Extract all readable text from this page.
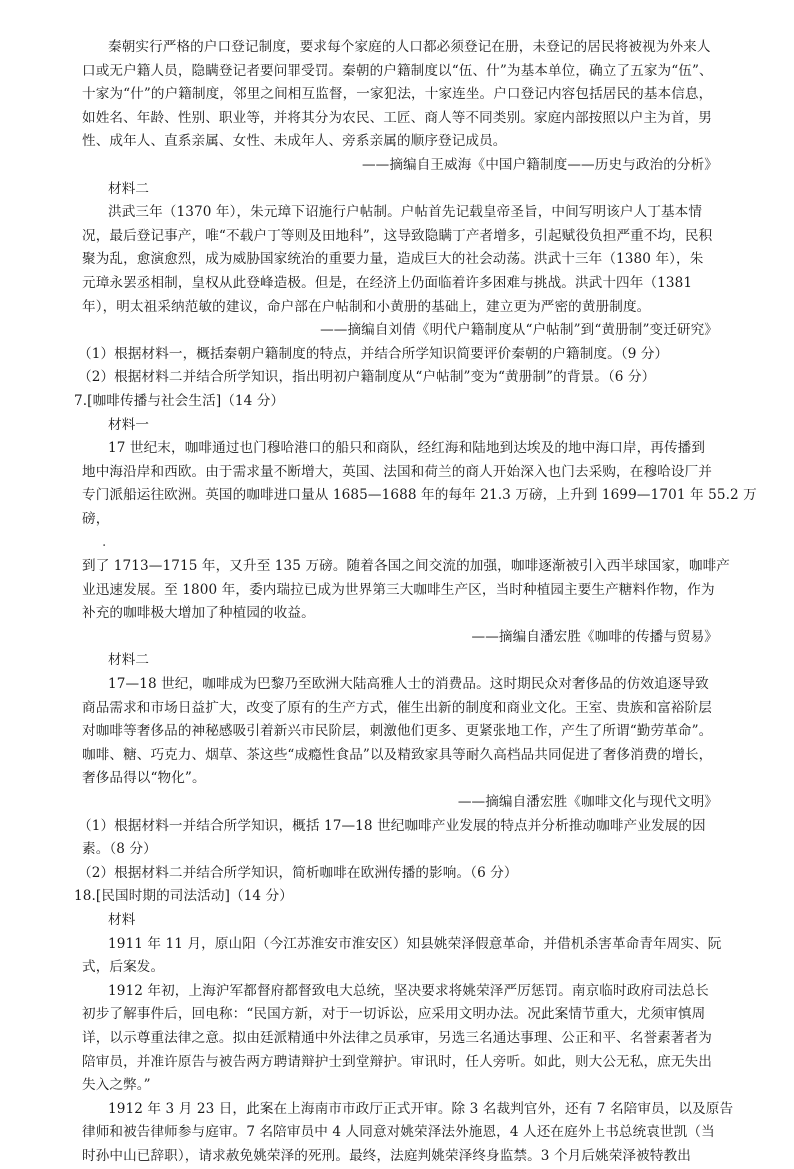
秦朝实行严格的户口登记制度，要求每个家庭的人口都必须登记在册，未登记的居民将被视为外来人
口或无户籍人员，隐瞒登记者要问罪受罚。秦朝的户籍制度以“伍、什”为基本单位，确立了五家为“伍”、
十家为“什”的户籍制度，邻里之间相互监督，一家犯法，十家连坐。户口登记内容包括居民的基本信息，
如姓名、年龄、性别、职业等，并将其分为农民、工匠、商人等不同类别。家庭内部按照以户主为首，男
性、成年人、直系亲属、女性、未成年人、旁系亲属的顺序登记成员。
——摘编自王威海《中国户籍制度——历史与政治的分析》
材料二
洪武三年（1370 年），朱元璋下诏施行户帖制。户帖首先记载皇帝圣旨，中间写明该户人丁基本情
况，最后登记事产，唯“不载户丁等则及田地科”，这导致隐瞒丁产者增多，引起赋役负担严重不均，民积
聚为乱，愈演愈烈，成为威胁国家统治的重要力量，造成巨大的社会动荡。洪武十三年（1380 年），朱
元璋永罢丞相制，皇权从此登峰造极。但是，在经济上仍面临着许多困难与挑战。洪武十四年（1381
年），明太祖采纳范敏的建议，命户部在户帖制和小黄册的基础上，建立更为严密的黄册制度。
——摘编自刘倩《明代户籍制度从“户帖制”到“黄册制”变迁研究》
（1）根据材料一，概括秦朝户籍制度的特点，并结合所学知识简要评价秦朝的户籍制度。（9 分）
（2）根据材料二并结合所学知识，指出明初户籍制度从“户帖制”变为“黄册制”的背景。（6 分）
7.[咖啡传播与社会生活]（14 分）
材料一
17 世纪末，咖啡通过也门穆哈港口的船只和商队，经红海和陆地到达埃及的地中海口岸，再传播到
地中海沿岸和西欧。由于需求量不断增大，英国、法国和荷兰的商人开始深入也门去采购，在穆哈设厂并
专门派船运往欧洲。英国的咖啡进口量从 1685—1688 年的每年 21.3 万磅，上升到 1699—1701 年 55.2 万
磅，
.
到了 1713—1715 年，又升至 135 万磅。随着各国之间交流的加强，咖啡逐渐被引入西半球国家，咖啡产
业迅速发展。至 1800 年，委内瑞拉已成为世界第三大咖啡生产区，当时种植园主要生产糖料作物，作为
补充的咖啡极大增加了种植园的收益。
——摘编自潘宏胜《咖啡的传播与贸易》
材料二
17—18 世纪，咖啡成为巴黎乃至欧洲大陆高雅人士的消费品。这时期民众对奢侈品的仿效追逐导致
商品需求和市场日益扩大，改变了原有的生产方式，催生出新的制度和商业文化。王室、贵族和富裕阶层
对咖啡等奢侈品的神秘感吸引着新兴市民阶层，刺激他们更多、更紧张地工作，产生了所谓“勤劳革命”。
咖啡、糖、巧克力、烟草、茶这些“成瘾性食品”以及精致家具等耐久高档品共同促进了奢侈消费的增长，
奢侈品得以“物化”。
——摘编自潘宏胜《咖啡文化与现代文明》
（1）根据材料一并结合所学知识，概括 17—18 世纪咖啡产业发展的特点并分析推动咖啡产业发展的因
素。（8 分）
（2）根据材料二并结合所学知识，简析咖啡在欧洲传播的影响。（6 分）
18.[民国时期的司法活动]（14 分）
材料
1911 年 11 月，原山阳（今江苏淮安市淮安区）知县姚荣泽假意革命，并借机杀害革命青年周实、阮
式，后案发。
1912 年初，上海沪军都督府都督致电大总统，坚决要求将姚荣泽严厉惩罚。南京临时政府司法总长
初步了解事件后，回电称：“民国方新，对于一切诉讼，应采用文明办法。况此案情节重大，尤须审慎周
详，以示尊重法律之意。拟由廷派精通中外法律之员承审，另选三名通达事理、公正和平、名誉素著者为
陪审员，并准许原告与被告两方聘请辩护士到堂辩护。审讯时，任人旁听。如此，则大公无私，庶无失出
失入之弊。”
1912 年 3 月 23 日，此案在上海南市市政厅正式开审。除 3 名裁判官外，还有 7 名陪审员，以及原告
律师和被告律师参与庭审。7 名陪审员中 4 人同意对姚荣泽法外施恩，4 人还在庭外上书总统袁世凯（当
时孙中山已辞职），请求赦免姚荣泽的死刑。最终，法庭判姚荣泽终身监禁。3 个月后姚荣泽被特教出
